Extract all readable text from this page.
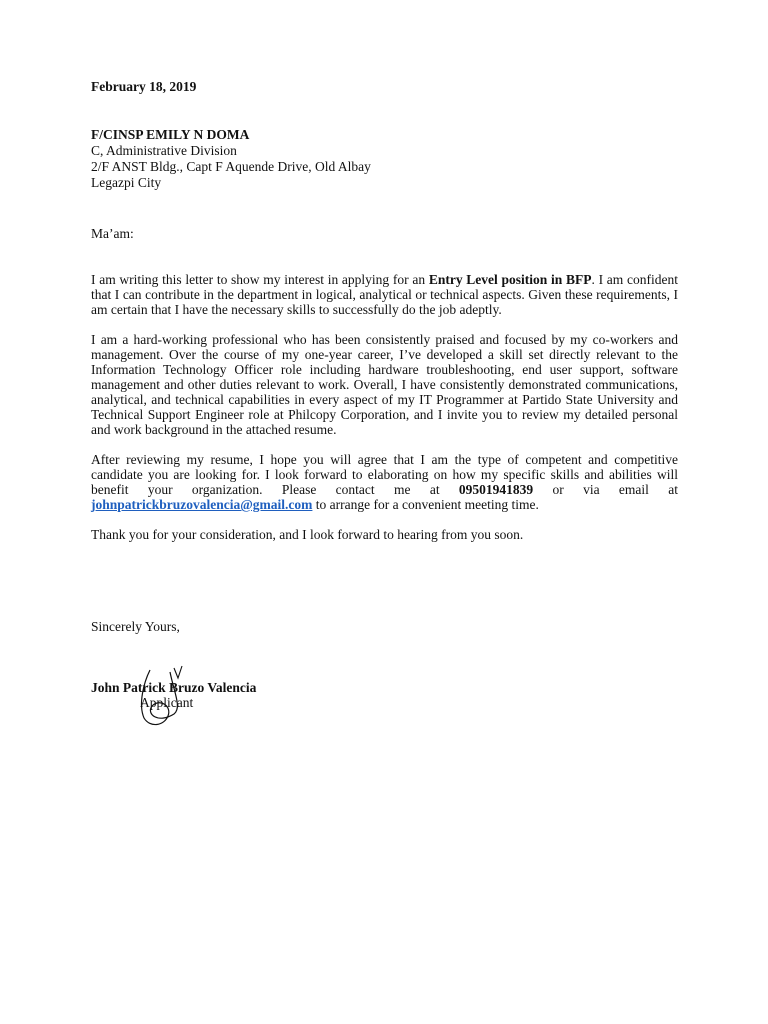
February 18, 2019
F/CINSP EMILY N DOMA
C, Administrative Division
2/F ANST Bldg., Capt F Aquende Drive, Old Albay
Legazpi City
Ma’am:

I am writing this letter to show my interest in applying for an Entry Level position in BFP. I am confident that I can contribute in the department in logical, analytical or technical aspects. Given these requirements, I am certain that I have the necessary skills to successfully do the job adeptly.

I am a hard-working professional who has been consistently praised and focused by my co-workers and management. Over the course of my one-year career, I’ve developed a skill set directly relevant to the Information Technology Officer role including hardware troubleshooting, end user support, software management and other duties relevant to work. Overall, I have consistently demonstrated communications, analytical, and technical capabilities in every aspect of my IT Programmer at Partido State University and Technical Support Engineer role at Philcopy Corporation, and I invite you to review my detailed personal and work background in the attached resume.

After reviewing my resume, I hope you will agree that I am the type of competent and competitive candidate you are looking for. I look forward to elaborating on how my specific skills and abilities will benefit your organization. Please contact me at 09501941839 or via email at johnpatrickbruzovalencia@gmail.com to arrange for a convenient meeting time.

Thank you for your consideration, and I look forward to hearing from you soon.

Sincerely Yours,
John Patrick Bruzo Valencia
Applicant
